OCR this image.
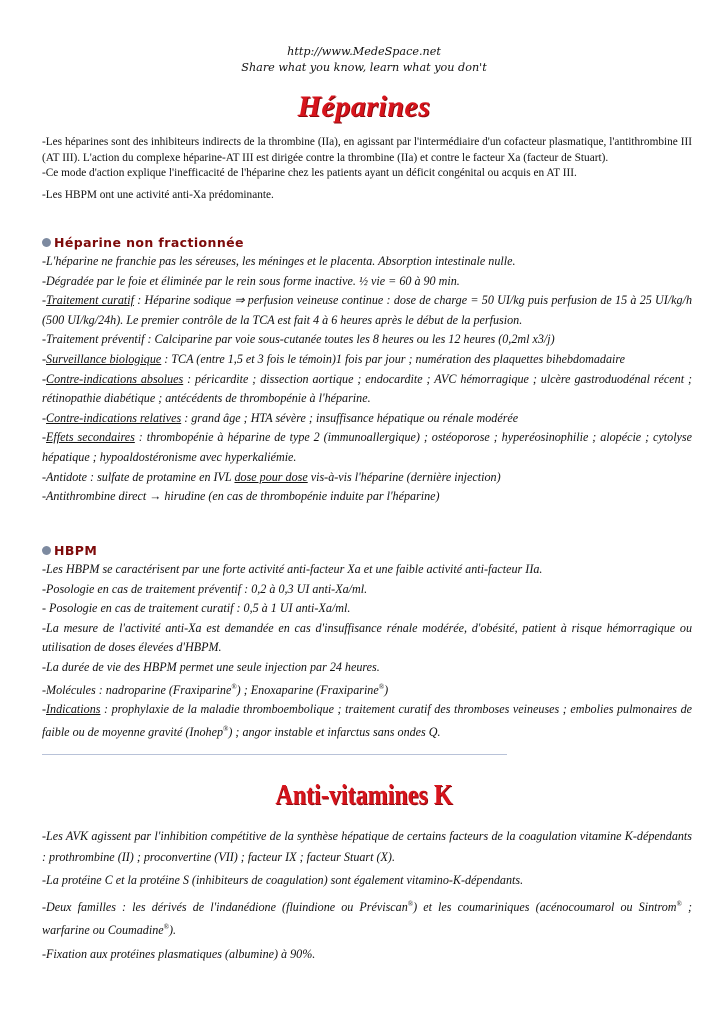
http://www.MedeSpace.net
Share what you know, learn what you don't
Héparines

-Les héparines sont des inhibiteurs indirects de la thrombine (IIa), en agissant par l'intermédiaire d'un cofacteur plasmatique, l'antithrombine III (AT III). L'action du complexe héparine-AT III est dirigée contre la thrombine (IIa) et contre le facteur Xa (facteur de Stuart).

-Ce mode d'action explique l'inefficacité de l'héparine chez les patients ayant un déficit congénital ou acquis en AT III.

-Les HBPM ont une activité anti-Xa prédominante.

Héparine non fractionnée

-L'héparine ne franchie pas les séreuses, les méninges et le placenta. Absorption intestinale nulle.

-Dégradée par le foie et éliminée par le rein sous forme inactive. ½ vie = 60 à 90 min.

-Traitement curatif : Héparine sodique ⇒ perfusion veineuse continue : dose de charge = 50 UI/kg puis perfusion de 15 à 25 UI/kg/h (500 UI/kg/24h). Le premier contrôle de la TCA est fait 4 à 6 heures après le début de la perfusion.

-Traitement préventif : Calciparine par voie sous-cutanée toutes les 8 heures ou les 12 heures (0,2ml x3/j)

-Surveillance biologique : TCA (entre 1,5 et 3 fois le témoin)1 fois par jour ; numération des plaquettes bihebdomadaire

-Contre-indications absolues : péricardite ; dissection aortique ; endocardite ; AVC hémorragique ; ulcère gastroduodénal récent ; rétinopathie diabétique ; antécédents de thrombopénie à l'héparine.

-Contre-indications relatives : grand âge ; HTA sévère ; insuffisance hépatique ou rénale modérée

-Effets secondaires : thrombopénie à héparine de type 2 (immunoallergique) ; ostéoporose ; hyperéosinophilie ; alopécie ; cytolyse hépatique ; hypoaldostéronisme avec hyperkaliémie.

-Antidote : sulfate de protamine en IVL dose pour dose vis-à-vis l'héparine (dernière injection)

-Antithrombine direct → hirudine (en cas de thrombopénie induite par l'héparine)

HBPM

-Les HBPM se caractérisent par une forte activité anti-facteur Xa et une faible activité anti-facteur IIa.

-Posologie en cas de traitement préventif : 0,2 à 0,3 UI anti-Xa/ml.

- Posologie en cas de traitement curatif : 0,5 à 1 UI anti-Xa/ml.

-La mesure de l'activité anti-Xa est demandée en cas d'insuffisance rénale modérée, d'obésité, patient à risque hémorragique ou utilisation de doses élevées d'HBPM.

-La durée de vie des HBPM permet une seule injection par 24 heures.

-Molécules : nadroparine (Fraxiparine®) ; Enoxaparine (Fraxiparine®)

-Indications : prophylaxie de la maladie thromboembolique ; traitement curatif des thromboses veineuses ; embolies pulmonaires de faible ou de moyenne gravité (Inohep®) ; angor instable et infarctus sans ondes Q.

Anti-vitamines K

-Les AVK agissent par l'inhibition compétitive de la synthèse hépatique de certains facteurs de la coagulation vitamine K-dépendants : prothrombine (II) ; proconvertine (VII) ; facteur IX ; facteur Stuart (X).

-La protéine C et la protéine S (inhibiteurs de coagulation) sont également vitamino-K-dépendants.

-Deux familles : les dérivés de l'indanédione (fluindione ou Préviscan®) et les coumariniques (acénocoumarol ou Sintrom® ; warfarine ou Coumadine®).

-Fixation aux protéines plasmatiques (albumine) à 90%.
